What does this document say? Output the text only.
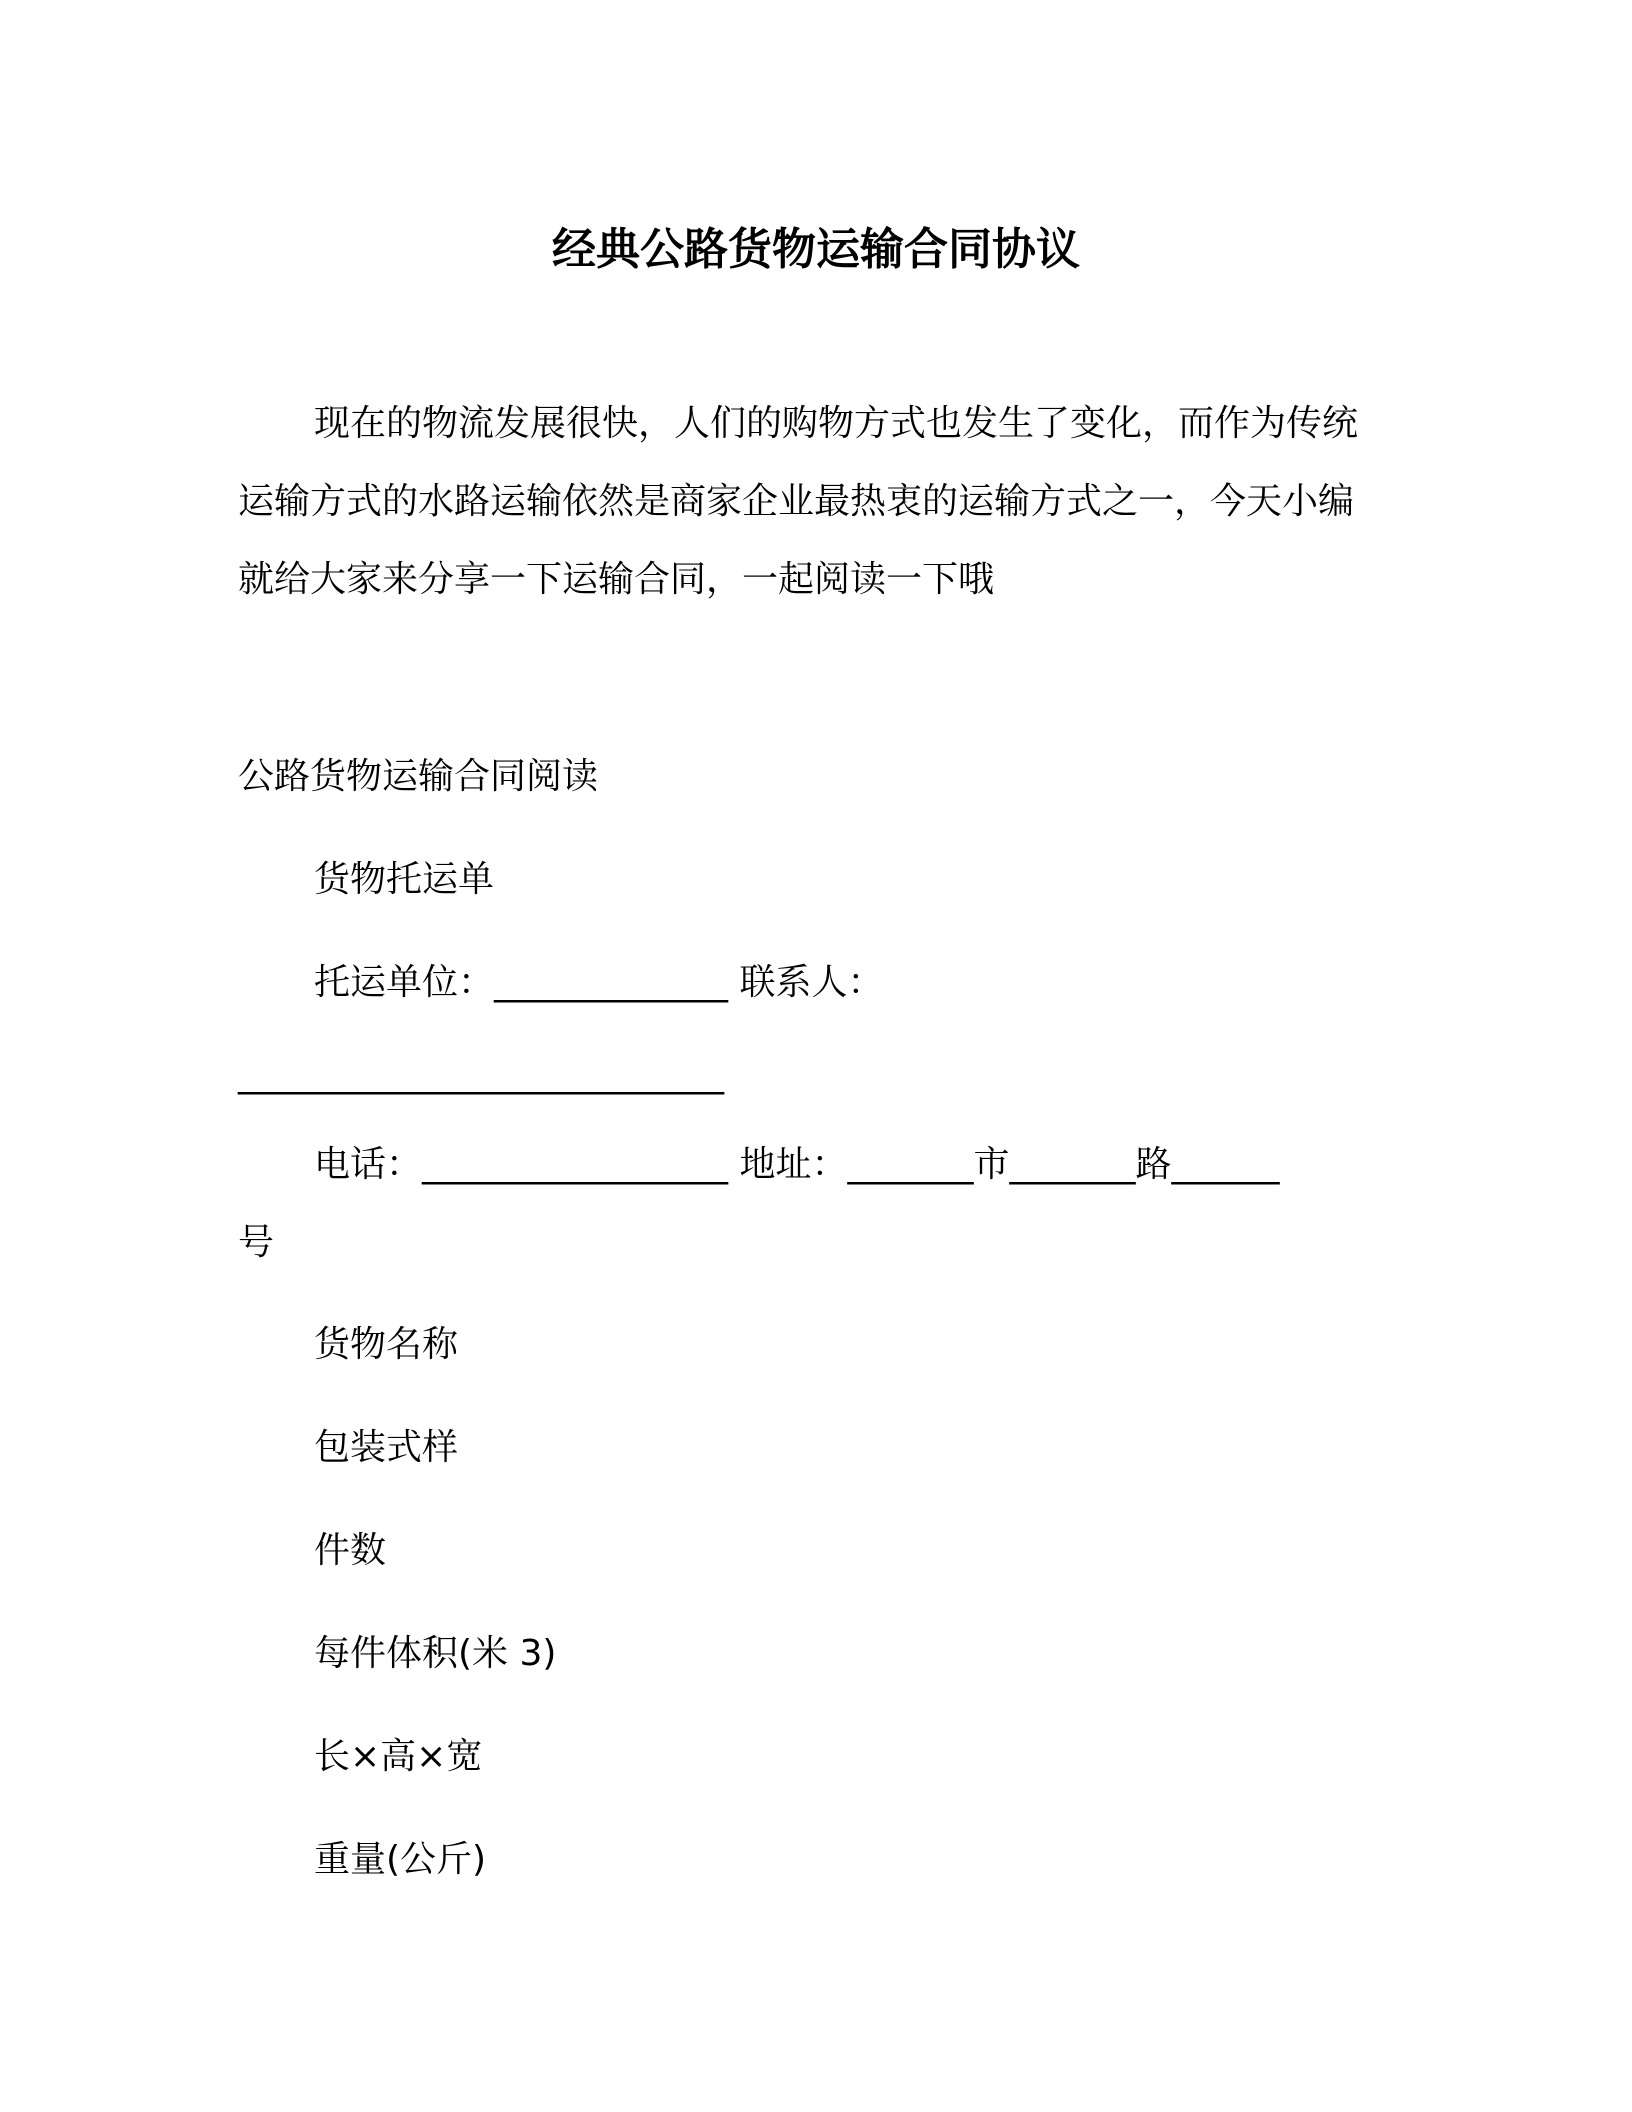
经典公路货物运输合同协议
现在的物流发展很快，人们的购物方式也发生了变化，而作为传统运输方式的水路运输依然是商家企业最热衷的运输方式之一，今天小编就给大家来分享一下运输合同，一起阅读一下哦
公路货物运输合同阅读
货物托运单
托运单位：_____________ 联系人：
___________________________
电话：_________________ 地址：_______市_______路______
号
货物名称
包装式样
件数
每件体积(米 3)
长×高×宽
重量(公斤)
